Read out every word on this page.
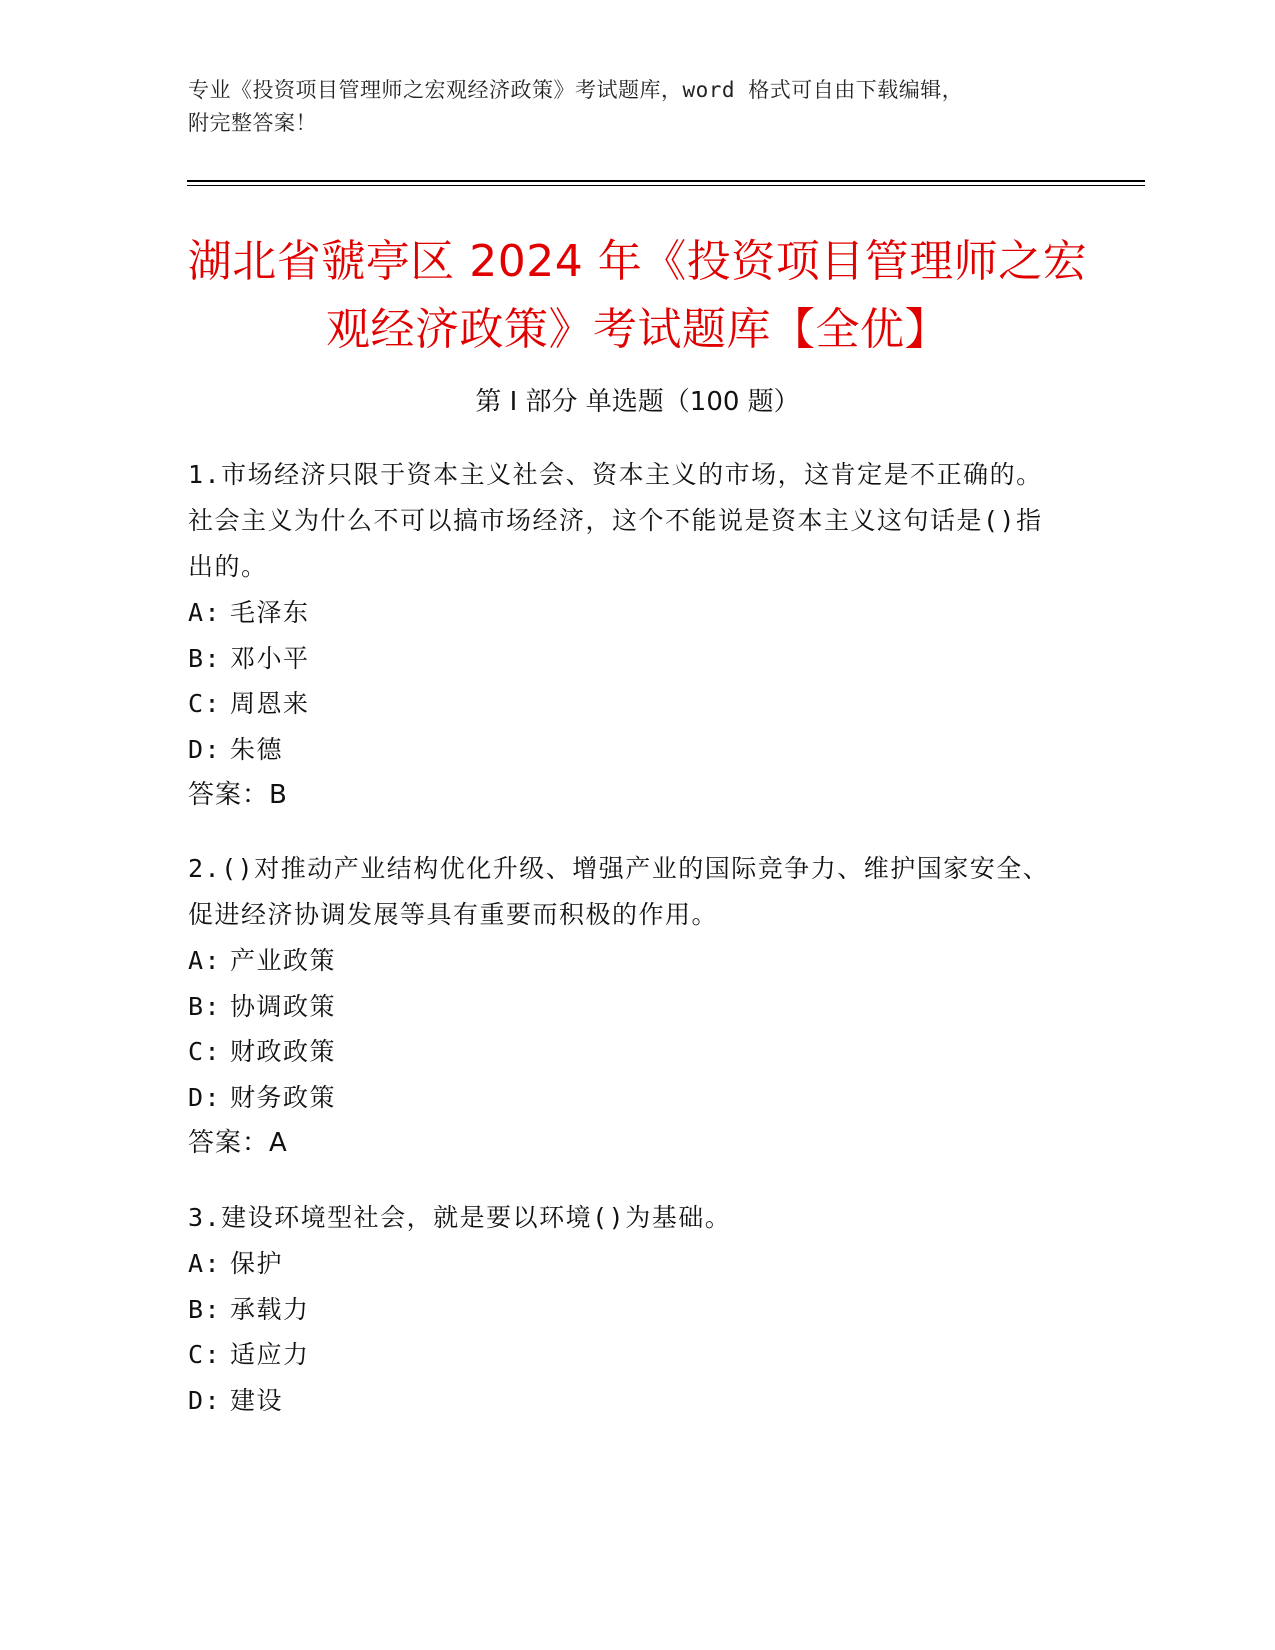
专业《投资项目管理师之宏观经济政策》考试题库，word 格式可自由下载编辑，
附完整答案！
湖北省虢亭区 2024 年《投资项目管理师之宏
观经济政策》考试题库【全优】
第 I 部分 单选题（100 题）

1.市场经济只限于资本主义社会、资本主义的市场，这肯定是不正确的。社会主义为什么不可以搞市场经济，这个不能说是资本主义这句话是()指出的。

A: 毛泽东

B: 邓小平

C: 周恩来

D: 朱德

答案：B

2.()对推动产业结构优化升级、增强产业的国际竞争力、维护国家安全、促进经济协调发展等具有重要而积极的作用。

A: 产业政策

B: 协调政策

C: 财政政策

D: 财务政策

答案：A

3.建设环境型社会，就是要以环境()为基础。

A: 保护

B: 承载力

C: 适应力

D: 建设
